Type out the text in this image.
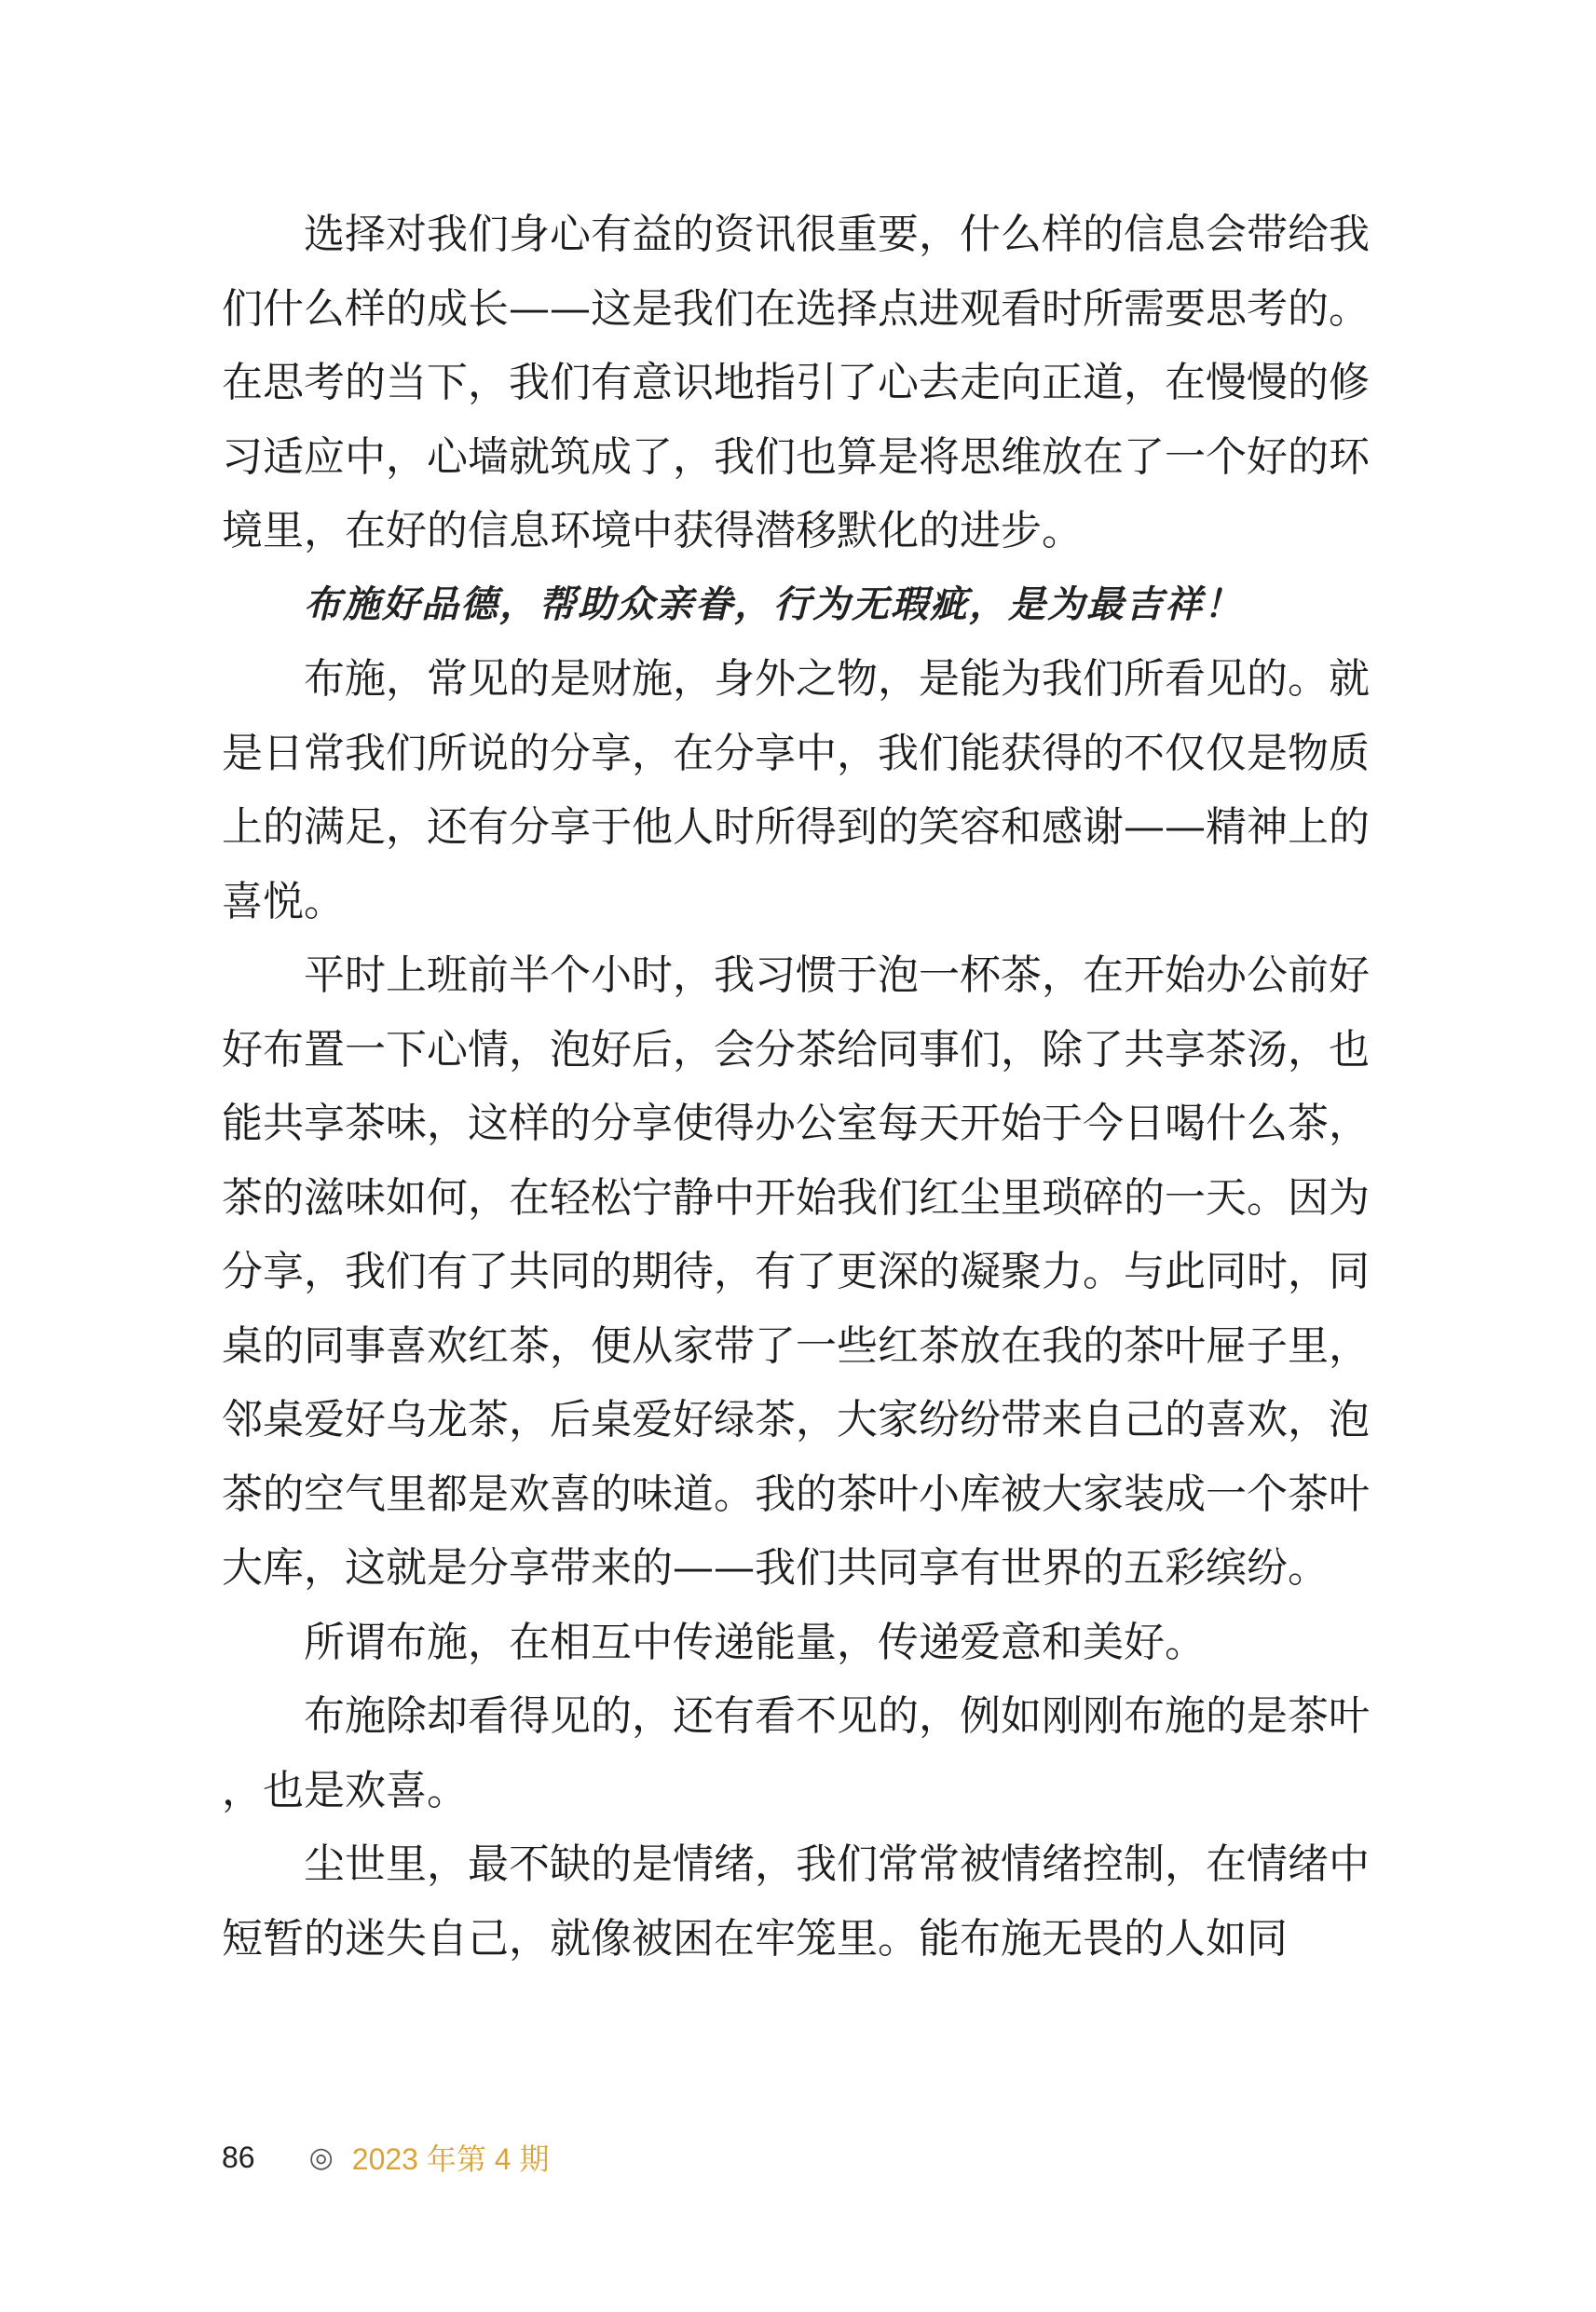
选择对我们身心有益的资讯很重要，什么样的信息会带给我们什么样的成长——这是我们在选择点进观看时所需要思考的。在思考的当下，我们有意识地指引了心去走向正道，在慢慢的修习适应中，心墙就筑成了，我们也算是将思维放在了一个好的环境里，在好的信息环境中获得潜移默化的进步。

布施好品德，帮助众亲眷，行为无瑕疵，是为最吉祥！

布施，常见的是财施，身外之物，是能为我们所看见的。就是日常我们所说的分享，在分享中，我们能获得的不仅仅是物质上的满足，还有分享于他人时所得到的笑容和感谢——精神上的喜悦。

平时上班前半个小时，我习惯于泡一杯茶，在开始办公前好好布置一下心情，泡好后，会分茶给同事们，除了共享茶汤，也能共享茶味，这样的分享使得办公室每天开始于今日喝什么茶，茶的滋味如何，在轻松宁静中开始我们红尘里琐碎的一天。因为分享，我们有了共同的期待，有了更深的凝聚力。与此同时，同桌的同事喜欢红茶，便从家带了一些红茶放在我的茶叶屉子里，邻桌爱好乌龙茶，后桌爱好绿茶，大家纷纷带来自己的喜欢，泡茶的空气里都是欢喜的味道。我的茶叶小库被大家装成一个茶叶大库，这就是分享带来的——我们共同享有世界的五彩缤纷。

所谓布施，在相互中传递能量，传递爱意和美好。

布施除却看得见的，还有看不见的，例如刚刚布施的是茶叶，也是欢喜。

尘世里，最不缺的是情绪，我们常常被情绪控制，在情绪中短暂的迷失自己，就像被困在牢笼里。能布施无畏的人如同

86 ◎ 2023 年第 4 期
